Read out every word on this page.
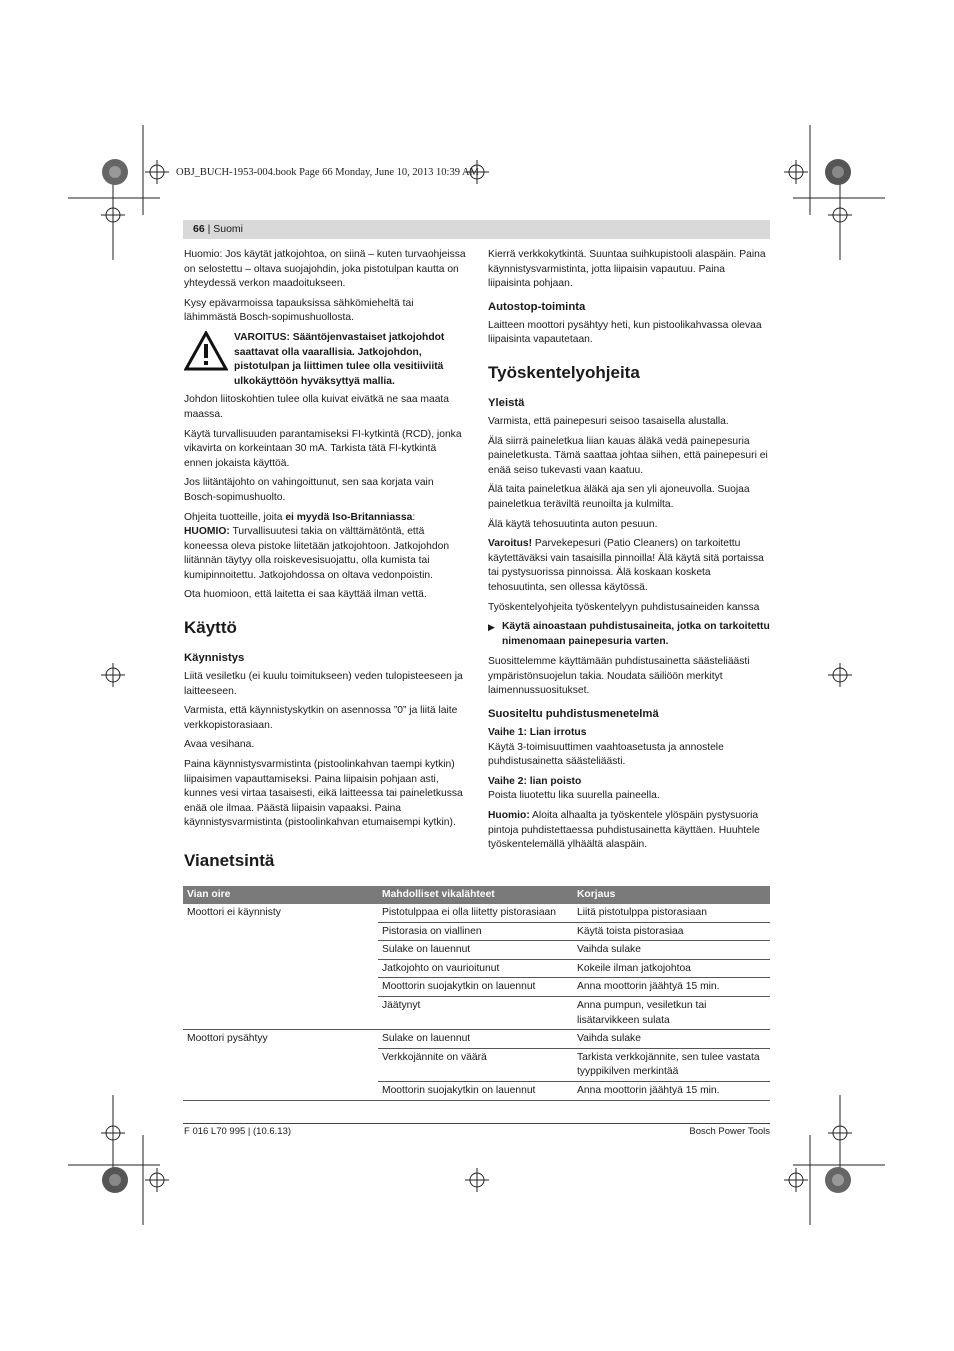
OBJ_BUCH-1953-004.book Page 66 Monday, June 10, 2013 10:39 AM
66 | Suomi

Huomio: Jos käytät jatkojohtoa, on siinä – kuten turvaohjeissa on selostettu – oltava suojajohdin, joka pistotulpan kautta on yhteydessä verkon maadoitukseen.

Kysy epävarmoissa tapauksissa sähkömieheltä tai lähimmästä Bosch-sopimushuollosta.

VAROITUS: Sääntöjenvastaiset jatkojohdot saattavat olla vaarallisia. Jatkojohdon, pistotulpan ja liittimen tulee olla vesitiiviitä ulkokäyttöön hyväksyttyä mallia.

Johdon liitoskohtien tulee olla kuivat eivätkä ne saa maata maassa.

Käytä turvallisuuden parantamiseksi FI-kytkintä (RCD), jonka vikavirta on korkeintaan 30 mA. Tarkista tätä FI-kytkintä ennen jokaista käyttöä.

Jos liitäntäjohto on vahingoittunut, sen saa korjata vain Bosch-sopimushuolto.

Ohjeita tuotteille, joita ei myydä Iso-Britanniassa:

HUOMIO: Turvallisuutesi takia on välttämätöntä, että koneessa oleva pistoke liitetään jatkojohtoon. Jatkojohdon liitännän täytyy olla roiskevesisuojattu, olla kumista tai kumipinnoitettu. Jatkojohdossa on oltava vedonpoistin.

Ota huomioon, että laitetta ei saa käyttää ilman vettä.

Käyttö
Käynnistys

Liitä vesiletku (ei kuulu toimitukseen) veden tulopisteeseen ja laitteeseen.

Varmista, että käynnistyskytkin on asennossa ”0” ja liitä laite verkkopistorasiaan.

Avaa vesihana.

Paina käynnistysvarmistinta (pistoolinkahvan taempi kytkin) liipaisimen vapauttamiseksi. Paina liipaisin pohjaan asti, kunnes vesi virtaa tasaisesti, eikä laitteessa tai paineletkussa enää ole ilmaa. Päästä liipaisin vapaaksi. Paina käynnistysvarmistinta (pistoolinkahvan etumaisempi kytkin).

Kierrä verkkokytkintä. Suuntaa suihkupistooli alaspäin. Paina käynnistysvarmistinta, jotta liipaisin vapautuu. Paina liipaisinta pohjaan.

Autostop-toiminta

Laitteen moottori pysähtyy heti, kun pistoolikahvassa olevaa liipaisinta vapautetaan.

Työskentelyohjeita
Yleistä

Varmista, että painepesuri seisoo tasaisella alustalla.

Älä siirrä paineletkua liian kauas äläkä vedä painepesuria paineletkusta. Tämä saattaa johtaa siihen, että painepesuri ei enää seiso tukevasti vaan kaatuu.

Älä taita paineletkua äläkä aja sen yli ajoneuvolla. Suojaa paineletkua teräviltä reunoilta ja kulmilta.

Älä käytä tehosuutinta auton pesuun.

Varoitus! Parvekepesuri (Patio Cleaners) on tarkoitettu käytettäväksi vain tasaisilla pinnoilla! Älä käytä sitä portaissa tai pystysuorissa pinnoissa. Älä koskaan kosketa tehosuutinta, sen ollessa käytössä.

Työskentelyohjeita työskentelyyn puhdistusaineiden kanssa

▶ Käytä ainoastaan puhdistusaineita, jotka on tarkoitettu nimenomaan painepesuria varten.

Suosittelemme käyttämään puhdistusainetta säästeliäästi ympäristönsuojelun takia. Noudata säiliöön merkityt laimennussuositukset.

Suositeltu puhdistusmenetelmä

Vaihe 1: Lian irrotus

Käytä 3-toimisuuttimen vaahtoasetusta ja annostele puhdistusainetta säästeliäästi.

Vaihe 2: lian poisto

Poista liuotettu lika suurella paineella.

Huomio: Aloita alhaalta ja työskentele ylöspäin pystysuoria pintoja puhdistettaessa puhdistusainetta käyttäen. Huuhtele työskentelemällä ylhäältä alaspäin.

Vianetsintä
Vian oire	Mahdolliset vikalähteet	Korjaus
Moottori ei käynnisty	Pistotulppaa ei olla liitetty pistorasiaan	Liitä pistotulppa pistorasiaan
	Pistorasia on viallinen	Käytä toista pistorasiaa
	Sulake on lauennut	Vaihda sulake
	Jatkojohto on vaurioitunut	Kokeile ilman jatkojohtoa
	Moottorin suojakytkin on lauennut	Anna moottorin jäähtyä 15 min.
	Jäätynyt	Anna pumpun, vesiletkun tai lisätarvikkeen sulata
Moottori pysähtyy	Sulake on lauennut	Vaihda sulake
	Verkkojännite on väärä	Tarkista verkkojännite, sen tulee vastata tyyppikilven merkintää
	Moottorin suojakytkin on lauennut	Anna moottorin jäähtyä 15 min.
F 016 L70 995 | (10.6.13)	Bosch Power Tools
